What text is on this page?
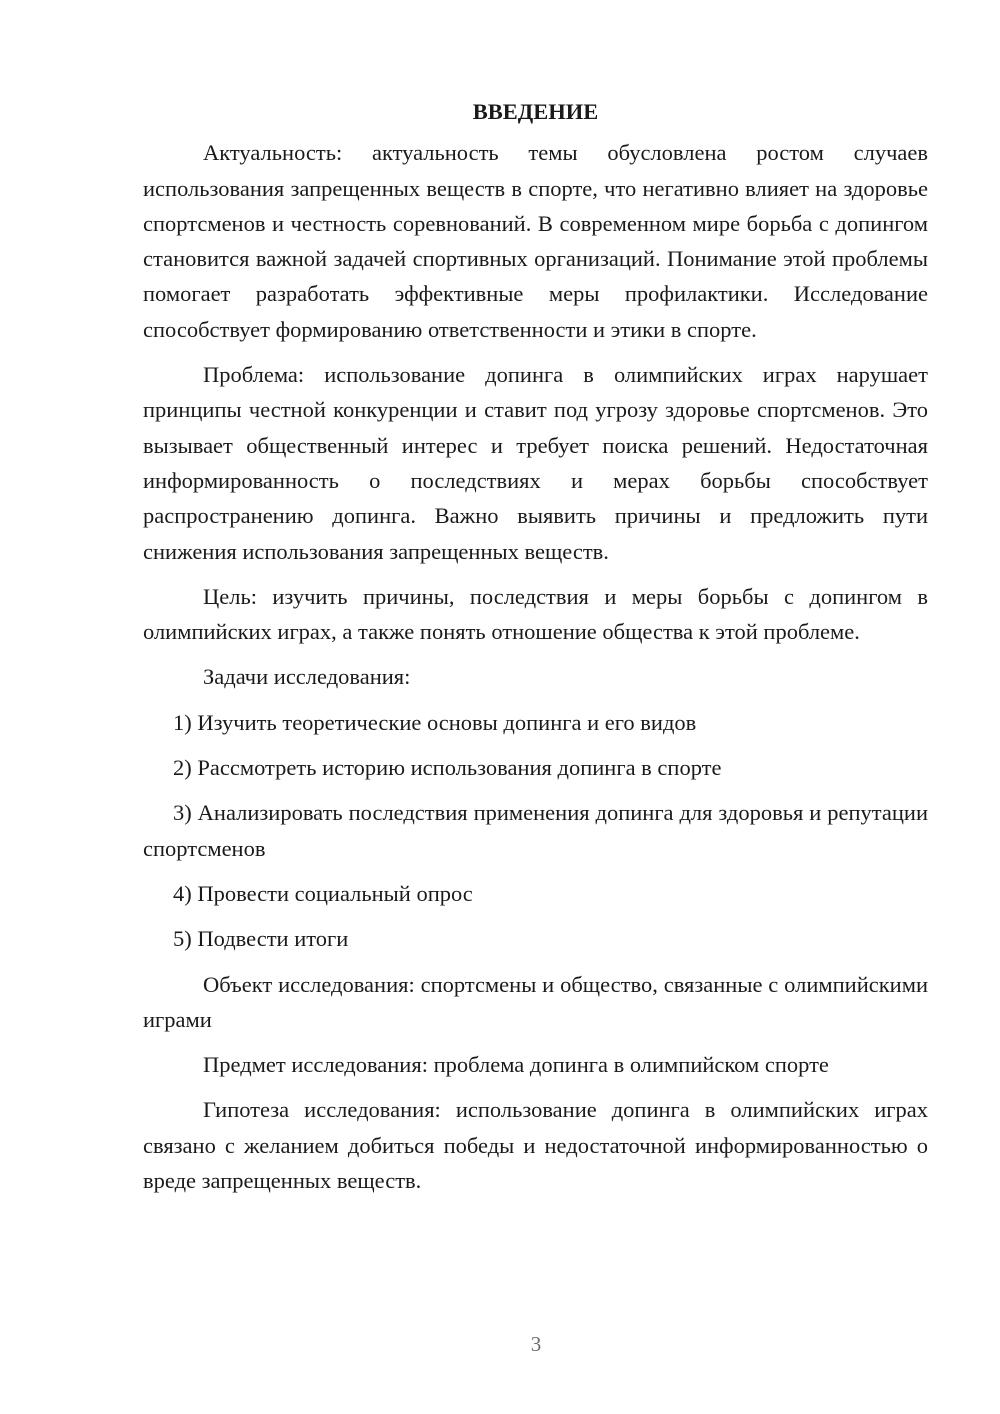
ВВЕДЕНИЕ

Актуальность: актуальность темы обусловлена ростом случаев использования запрещенных веществ в спорте, что негативно влияет на здоровье спортсменов и честность соревнований. В современном мире борьба с допингом становится важной задачей спортивных организаций. Понимание этой проблемы помогает разработать эффективные меры профилактики. Исследование способствует формированию ответственности и этики в спорте.

Проблема: использование допинга в олимпийских играх нарушает принципы честной конкуренции и ставит под угрозу здоровье спортсменов. Это вызывает общественный интерес и требует поиска решений. Недостаточная информированность о последствиях и мерах борьбы способствует распространению допинга. Важно выявить причины и предложить пути снижения использования запрещенных веществ.

Цель: изучить причины, последствия и меры борьбы с допингом в олимпийских играх, а также понять отношение общества к этой проблеме.

Задачи исследования:

1) Изучить теоретические основы допинга и его видов

2) Рассмотреть историю использования допинга в спорте

3) Анализировать последствия применения допинга для здоровья и репутации спортсменов

4) Провести социальный опрос

5) Подвести итоги

Объект исследования: спортсмены и общество, связанные с олимпийскими играми

Предмет исследования: проблема допинга в олимпийском спорте

Гипотеза исследования: использование допинга в олимпийских играх связано с желанием добиться победы и недостаточной информированностью о вреде запрещенных веществ.

3
